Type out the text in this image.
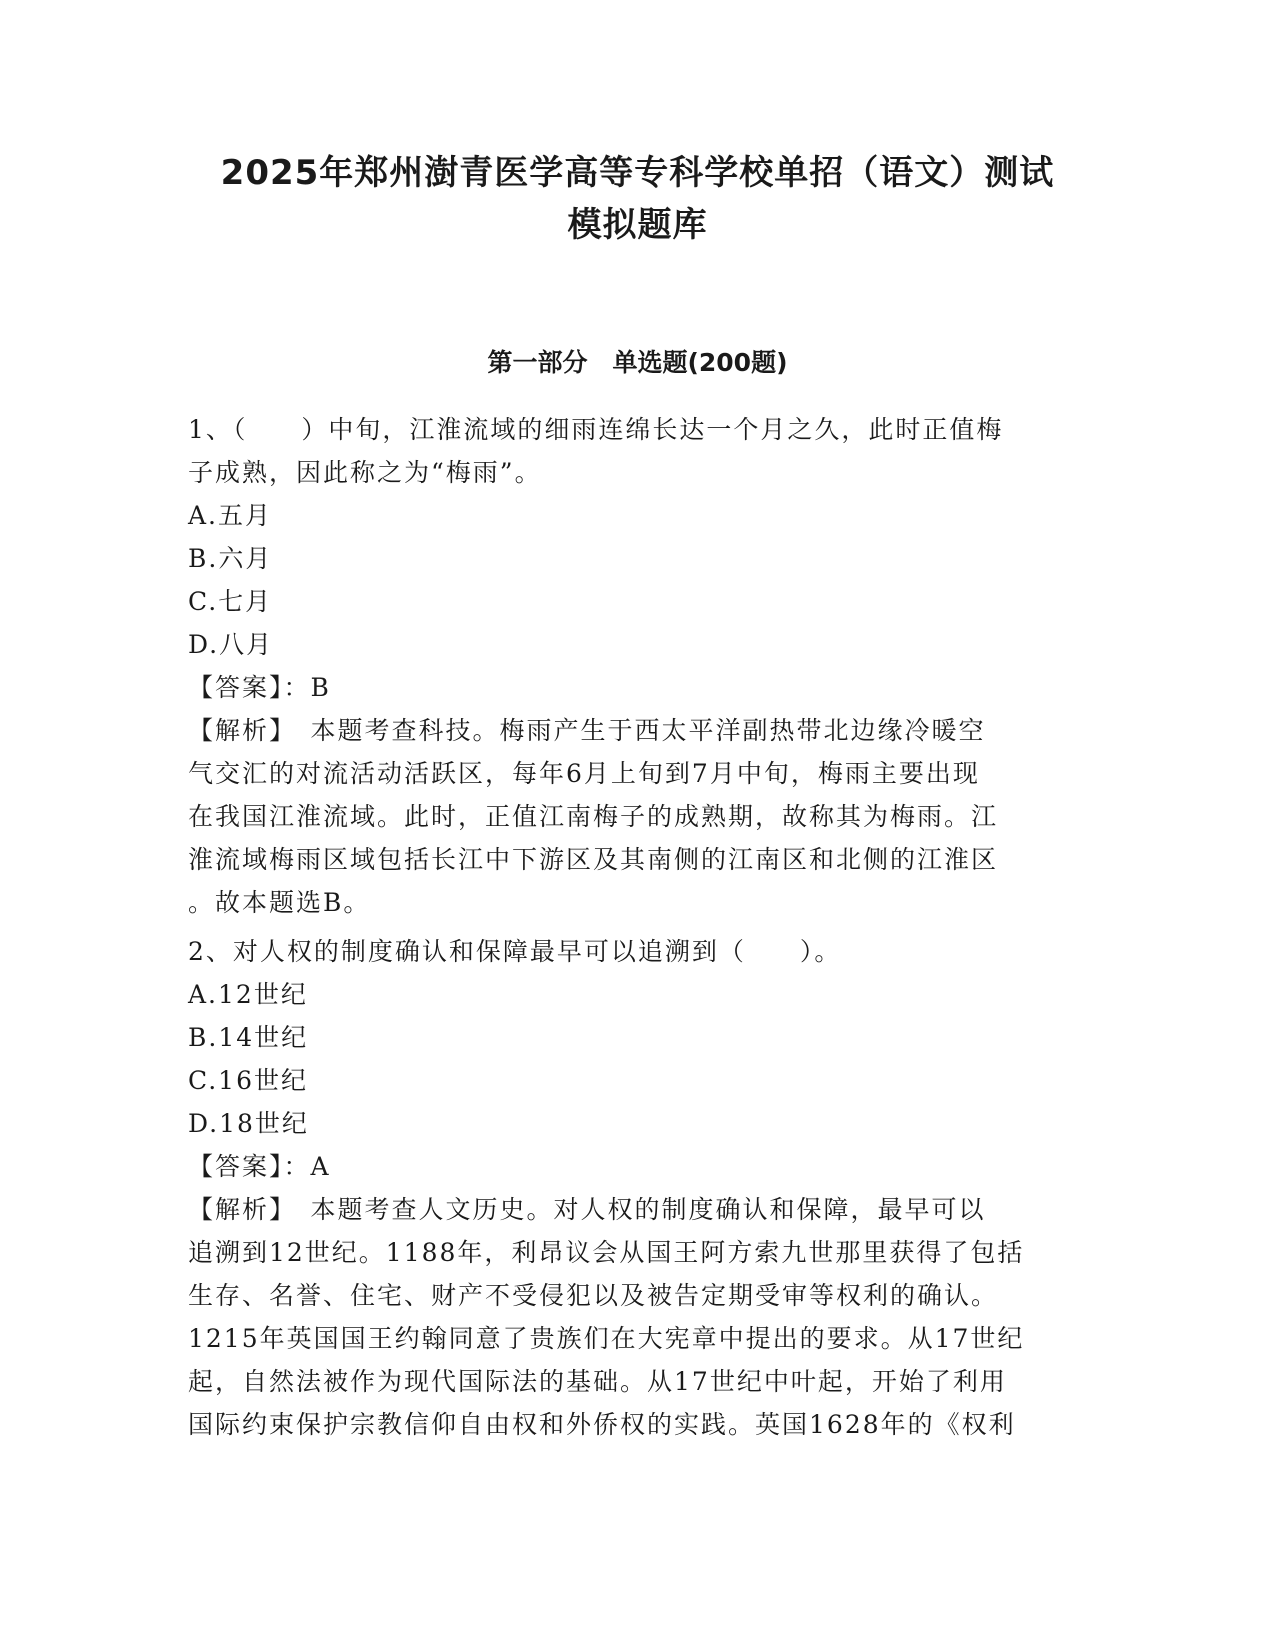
2025年郑州澍青医学高等专科学校单招（语文）测试
模拟题库
第一部分　单选题(200题)
1、（　　）中旬，江淮流域的细雨连绵长达一个月之久，此时正值梅
子成熟，因此称之为“梅雨”。
A.五月
B.六月
C.七月
D.八月
【答案】：B
【解析】　本题考查科技。梅雨产生于西太平洋副热带北边缘冷暖空
气交汇的对流活动活跃区，每年6月上旬到7月中旬，梅雨主要出现
在我国江淮流域。此时，正值江南梅子的成熟期，故称其为梅雨。江
淮流域梅雨区域包括长江中下游区及其南侧的江南区和北侧的江淮区
。故本题选B。
2、对人权的制度确认和保障最早可以追溯到（　　）。
A.12世纪
B.14世纪
C.16世纪
D.18世纪
【答案】：A
【解析】　本题考查人文历史。对人权的制度确认和保障，最早可以
追溯到12世纪。1188年，利昂议会从国王阿方索九世那里获得了包括
生存、名誉、住宅、财产不受侵犯以及被告定期受审等权利的确认。
1215年英国国王约翰同意了贵族们在大宪章中提出的要求。从17世纪
起，自然法被作为现代国际法的基础。从17世纪中叶起，开始了利用
国际约束保护宗教信仰自由权和外侨权的实践。英国1628年的《权利
